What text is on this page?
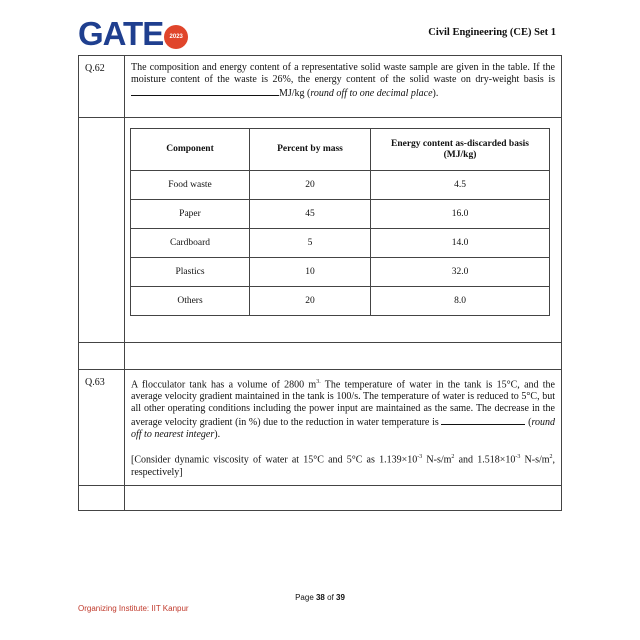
GATE	2023	Civil Engineering (CE) Set 1
Q.62	The composition and energy content of a representative solid waste sample are given in the table. If the moisture content of the waste is 26%, the energy content of the solid waste on dry-weight basis is MJ/kg (round off to one decimal place).
Component	Percent by mass	Energy content as-discarded basis (MJ/kg)
Food waste	20	4.5
Paper	45	16.0
Cardboard	5	14.0
Plastics	10	32.0
Others	20	8.0
Q.63	A flocculator tank has a volume of 2800 $m^{3.}$ The temperature of water in the tank is 15°C, and the average velocity gradient maintained in the tank is 100/s. The temperature of water is reduced to 5°C, but all other operating conditions including the power input are maintained as the same. The decrease in the average velocity gradient (in %) due to the reduction in water temperature is	(round off to nearest integer).
[Consider dynamic viscosity of water at 15°C and 5°C as $1.139\times 10^{-3}$ $N-s/m^2$ and $1.518\times 10^{-3}$ $N-s/m^2$, respectively]
Page 38 of 39
Organizing Institute: IIT Kanpur
